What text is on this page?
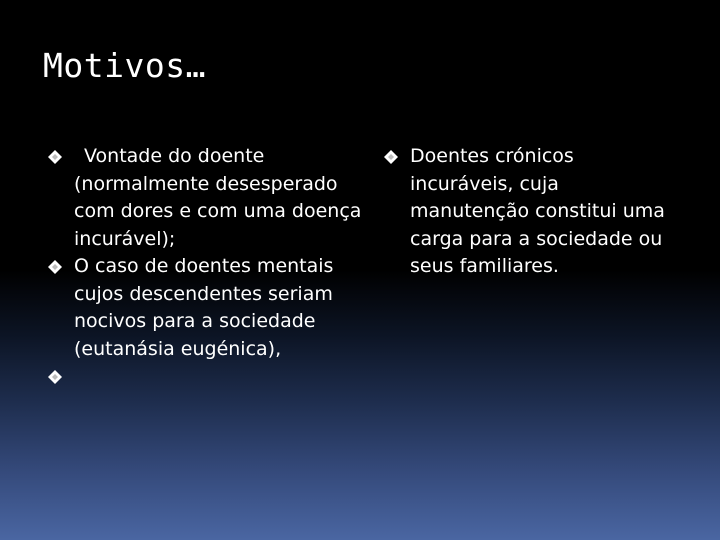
Motivos…
Vontade do doente (normalmente desesperado com dores e com uma doença incurável);
O caso de doentes mentais cujos descendentes seriam nocivos para a sociedade (eutanásia eugénica),
Doentes crónicos incuráveis, cuja manutenção constitui uma carga para a sociedade ou seus familiares.
